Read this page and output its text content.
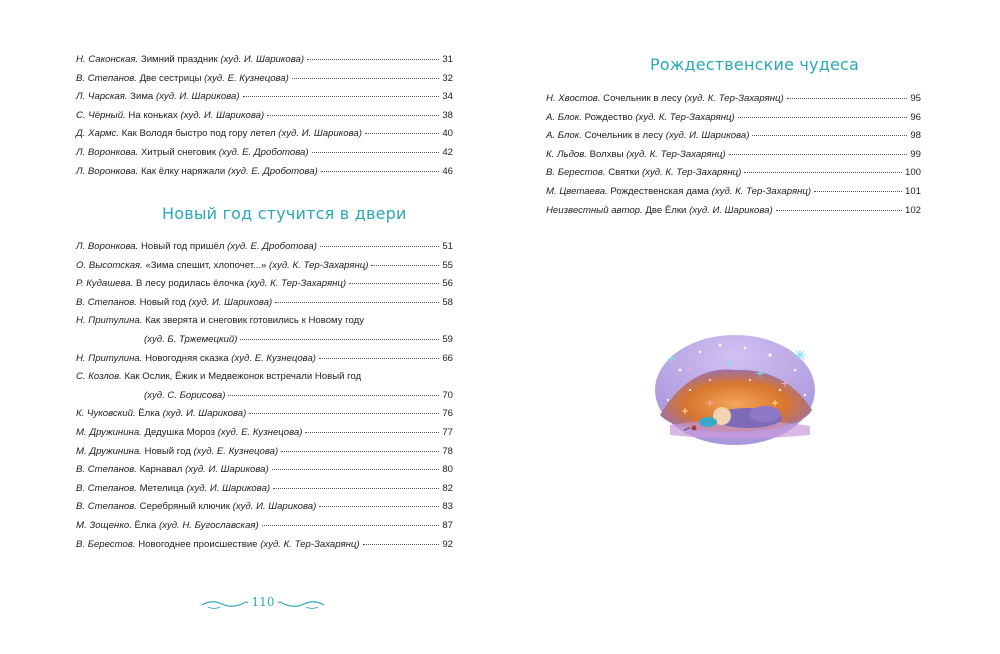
Н. Саконская.
Зимний праздник
(худ. И. Шарикова)	31
В. Степанов.
Две сестрицы
(худ. Е. Кузнецова)	32
Л. Чарская.
Зима
(худ. И. Шарикова)	34
С. Чёрный.
На коньках
(худ. И. Шарикова)	38
Д. Хармс.
Как Володя быстро под гору летел
(худ. И. Шарикова)	40
Л. Воронкова.
Хитрый снеговик
(худ. Е. Дроботова)	42
Л. Воронкова.
Как ёлку наряжали
(худ. Е. Дроботова)	46
Новый год стучится в двери
Л. Воронкова.
Новый год пришёл
(худ. Е. Дроботова)	51
О. Высотская.
«Зима спешит, хлопочет...»
(худ. К. Тер-Захарянц)	55
Р. Кудашева.
В лесу родилась ёлочка
(худ. К. Тер-Захарянц)	56
В. Степанов.
Новый год
(худ. И. Шарикова)	58
Н. Притулина.
Как зверята и снеговик готовились к Новому году
(худ. Б. Тржемецкий)	59
Н. Притулина.
Новогодняя сказка
(худ. Е. Кузнецова)	66
С. Козлов.
Как Ослик, Ёжик и Медвежонок встречали Новый год
(худ. С. Борисова)	70
К. Чуковский.
Ёлка
(худ. И. Шарикова)	76
М. Дружинина.
Дедушка Мороз
(худ. Е. Кузнецова)	77
М. Дружинина.
Новый год
(худ. Е. Кузнецова)	78
В. Степанов.
Карнавал
(худ. И. Шарикова)	80
В. Степанов.
Метелица
(худ. И. Шарикова)	82
В. Степанов.
Серебряный ключик
(худ. И. Шарикова)	83
М. Зощенко.
Ёлка
(худ. Н. Бугославская)	87
В. Берестов.
Новогоднее происшествие
(худ. К. Тер-Захарянц)	92
Рождественские чудеса
Н. Хвостов.
Сочельник в лесу
(худ. К. Тер-Захарянц)	95
А. Блок.
Рождество
(худ. К. Тер-Захарянц)	96
А. Блок.
Сочельник в лесу
(худ. И. Шарикова)	98
К. Льдов.
Волхвы
(худ. К. Тер-Захарянц)	99
В. Берестов.
Святки
(худ. К. Тер-Захарянц)	100
М. Цветаева.
Рождественская дама
(худ. К. Тер-Захарянц)	101
Неизвестный автор.
Две Ёлки
(худ. И. Шарикова)	102
110
